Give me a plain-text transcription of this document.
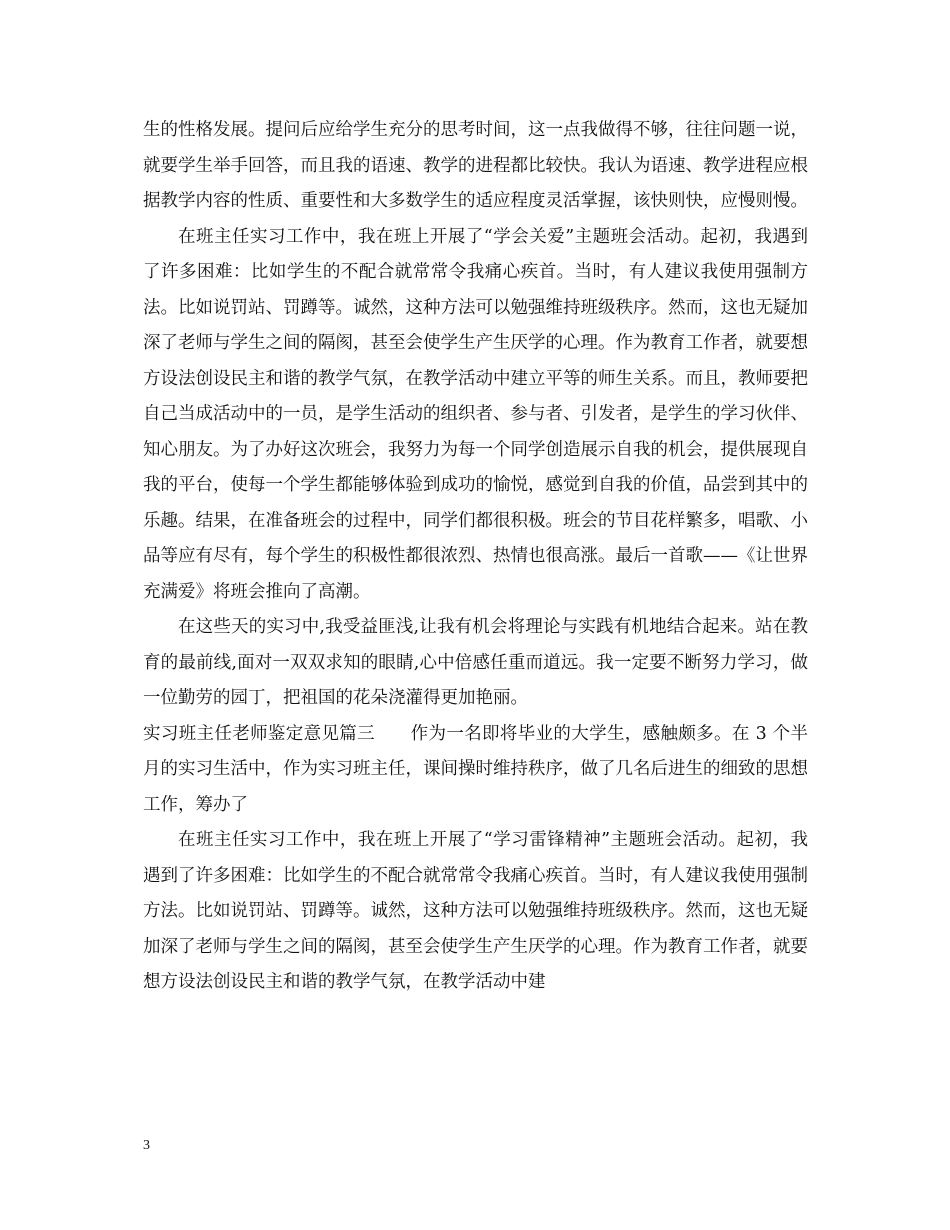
生的性格发展。提问后应给学生充分的思考时间，这一点我做得不够，往往问题一说，就要学生举手回答，而且我的语速、教学的进程都比较快。我认为语速、教学进程应根据教学内容的性质、重要性和大多数学生的适应程度灵活掌握，该快则快，应慢则慢。

在班主任实习工作中，我在班上开展了“学会关爱”主题班会活动。起初，我遇到了许多困难：比如学生的不配合就常常令我痛心疾首。当时，有人建议我使用强制方法。比如说罚站、罚蹲等。诚然，这种方法可以勉强维持班级秩序。然而，这也无疑加深了老师与学生之间的隔阂，甚至会使学生产生厌学的心理。作为教育工作者，就要想方设法创设民主和谐的教学气氛，在教学活动中建立平等的师生关系。而且，教师要把自己当成活动中的一员，是学生活动的组织者、参与者、引发者，是学生的学习伙伴、知心朋友。为了办好这次班会，我努力为每一个同学创造展示自我的机会，提供展现自我的平台，使每一个学生都能够体验到成功的愉悦，感觉到自我的价值，品尝到其中的乐趣。结果，在准备班会的过程中，同学们都很积极。班会的节目花样繁多，唱歌、小品等应有尽有，每个学生的积极性都很浓烈、热情也很高涨。最后一首歌——《让世界充满爱》将班会推向了高潮。

在这些天的实习中,我受益匪浅,让我有机会将理论与实践有机地结合起来。站在教育的最前线,面对一双双求知的眼睛,心中倍感任重而道远。我一定要不断努力学习，做一位勤劳的园丁，把祖国的花朵浇灌得更加艳丽。

实习班主任老师鉴定意见篇三　　作为一名即将毕业的大学生，感触颇多。在 3 个半月的实习生活中，作为实习班主任，课间操时维持秩序，做了几名后进生的细致的思想工作，筹办了

在班主任实习工作中，我在班上开展了“学习雷锋精神”主题班会活动。起初，我遇到了许多困难：比如学生的不配合就常常令我痛心疾首。当时，有人建议我使用强制方法。比如说罚站、罚蹲等。诚然，这种方法可以勉强维持班级秩序。然而，这也无疑加深了老师与学生之间的隔阂，甚至会使学生产生厌学的心理。作为教育工作者，就要想方设法创设民主和谐的教学气氛，在教学活动中建

3
